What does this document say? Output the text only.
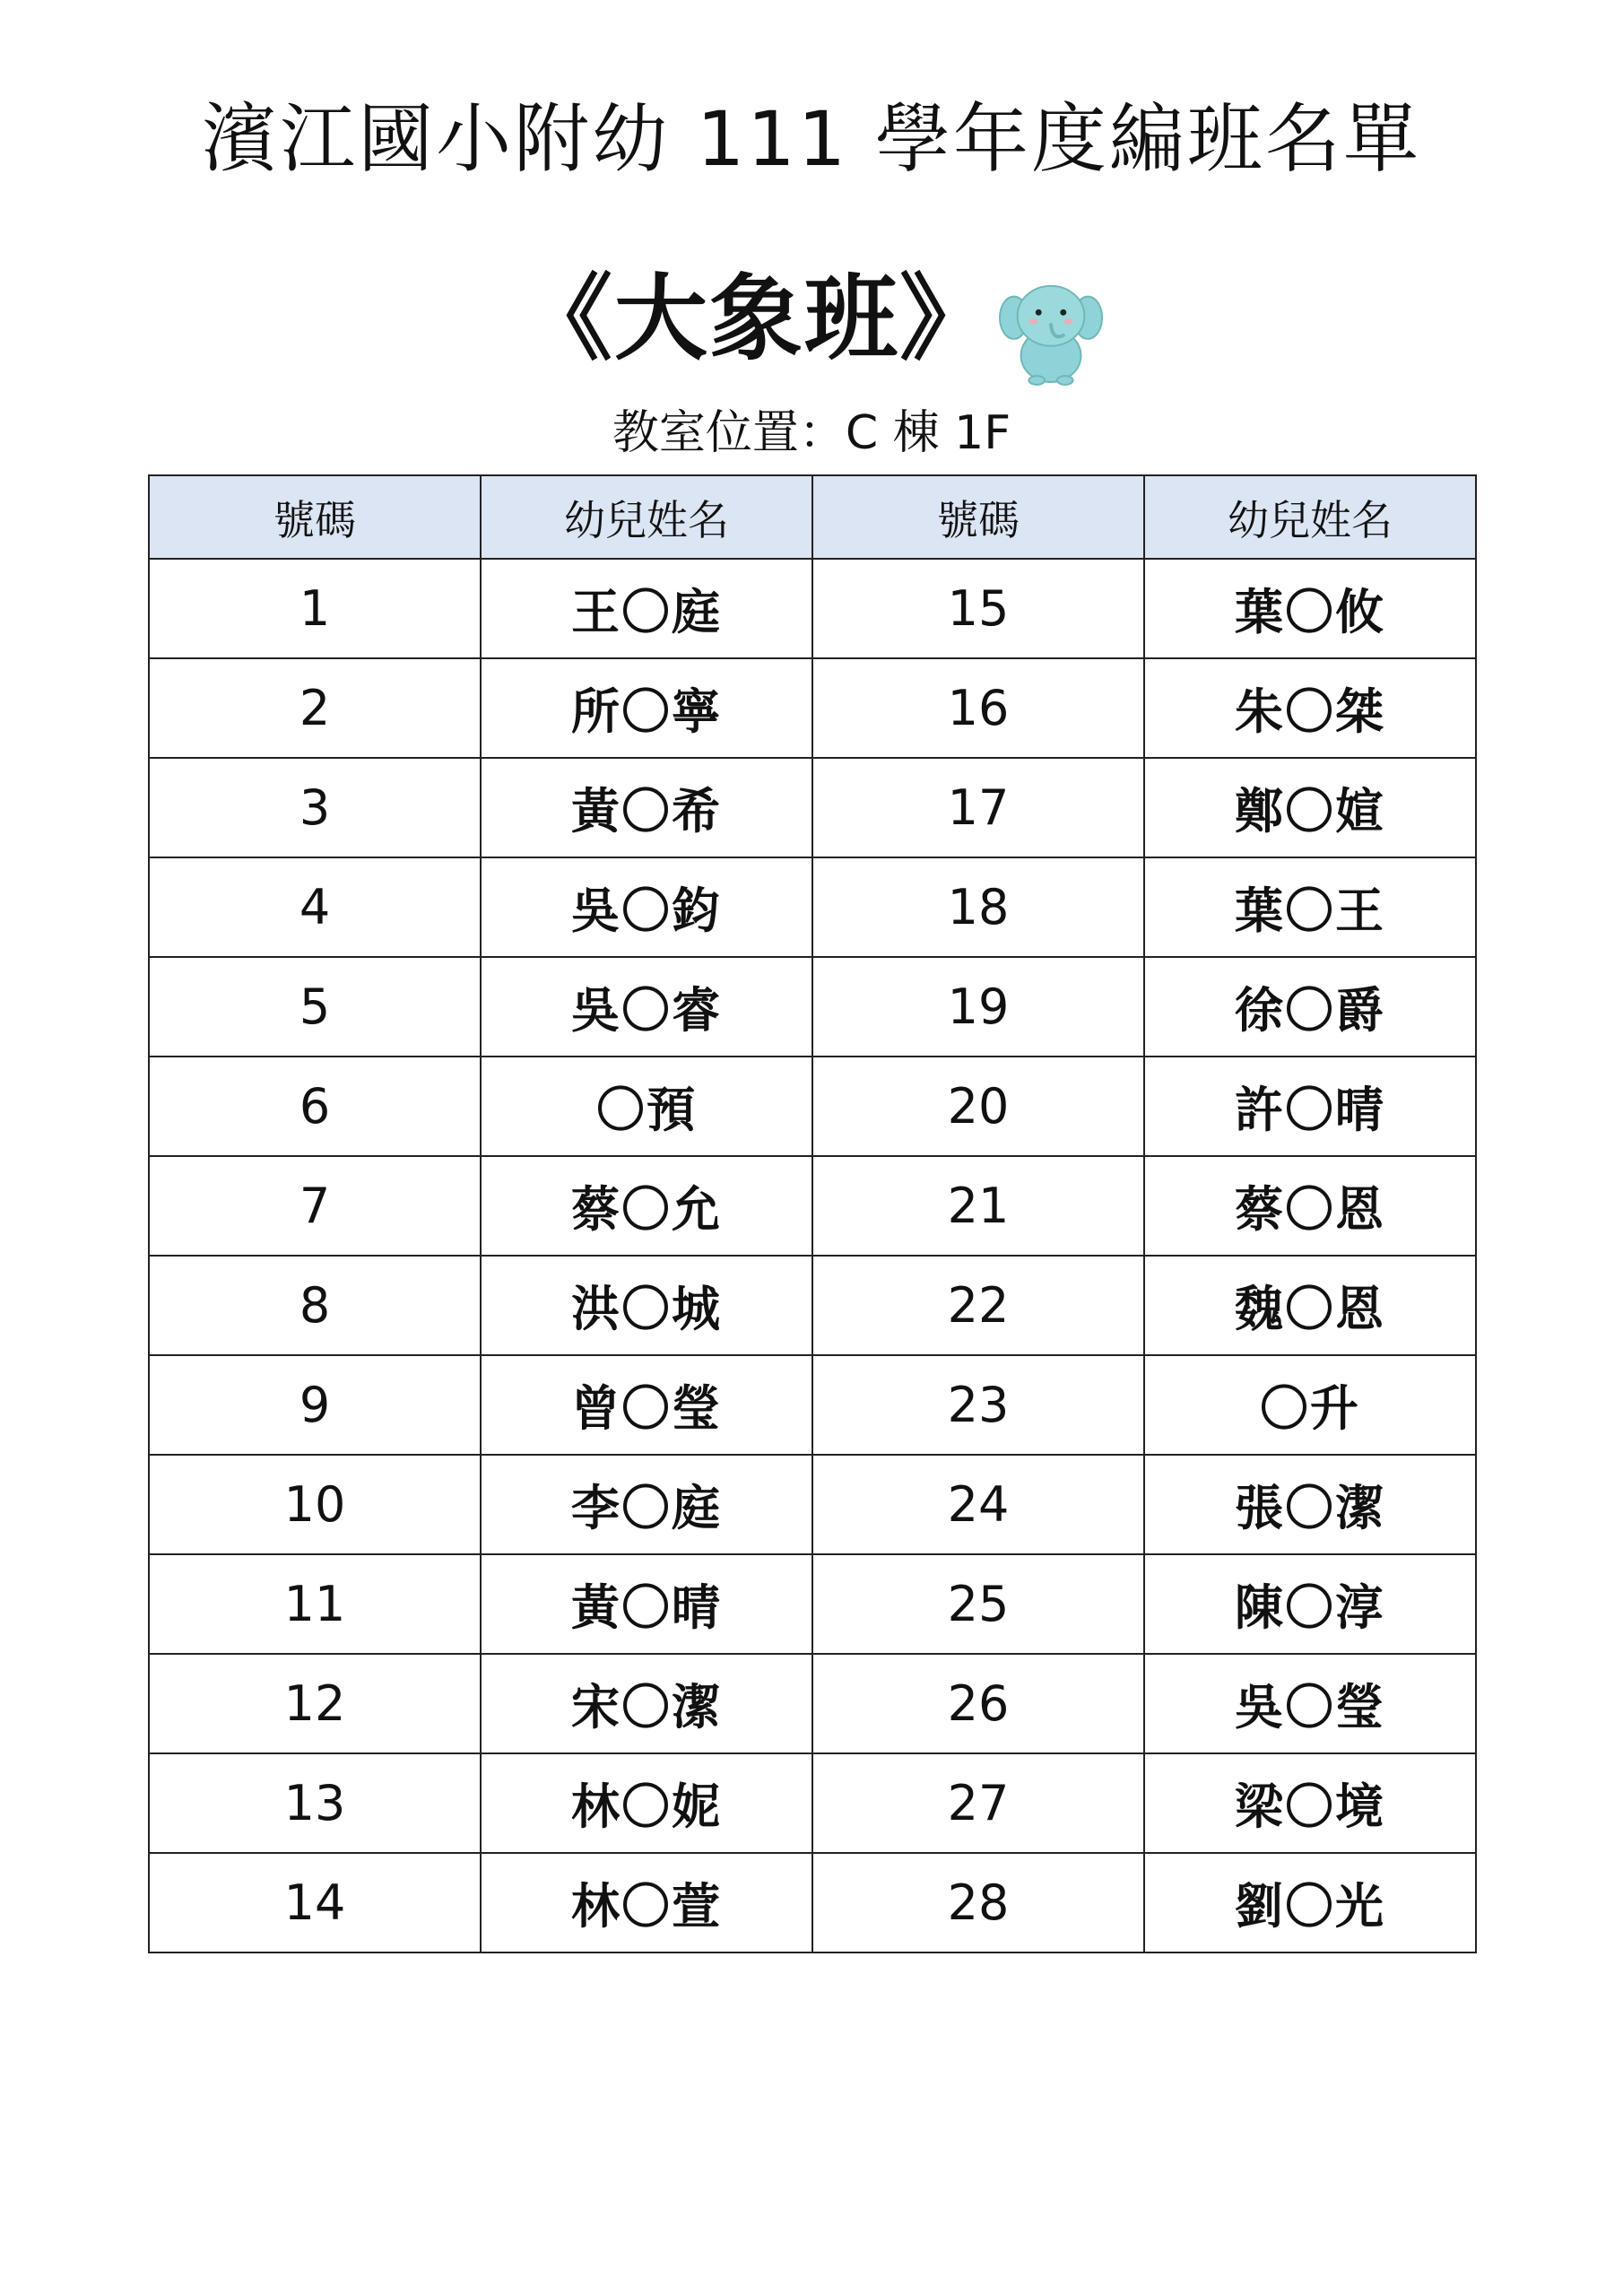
濱江國小附幼 111 學年度編班名單
《大象班》
教室位置：C 棟 1F
號碼	幼兒姓名	號碼	幼兒姓名
1	王〇庭	15	葉〇攸
2	所〇寧	16	朱〇桀
3	黃〇希	17	鄭〇媗
4	吳〇鈞	18	葉〇王
5	吳〇睿	19	徐〇爵
6	〇預	20	許〇晴
7	蔡〇允	21	蔡〇恩
8	洪〇城	22	魏〇恩
9	曾〇瑩	23	〇升
10	李〇庭	24	張〇潔
11	黃〇晴	25	陳〇淳
12	宋〇潔	26	吳〇瑩
13	林〇妮	27	梁〇境
14	林〇萱	28	劉〇光
